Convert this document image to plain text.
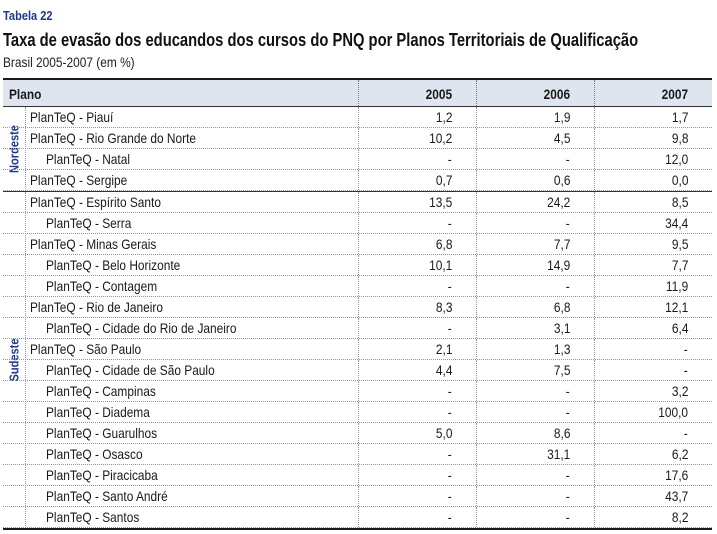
Tabela 22
Taxa de evasão dos educandos dos cursos do PNQ por Planos Territoriais de Qualificação
Brasil 2005-2007 (em %)
Plano	2005	2006	2007
Nordeste
PlanTeQ - Piauí	1,2	1,9	1,7
PlanTeQ - Rio Grande do Norte	10,2	4,5	9,8
PlanTeQ - Natal	-	-	12,0
PlanTeQ - Sergipe	0,7	0,6	0,0
Sudeste
PlanTeQ - Espírito Santo	13,5	24,2	8,5
PlanTeQ - Serra	-	-	34,4
PlanTeQ - Minas Gerais	6,8	7,7	9,5
PlanTeQ - Belo Horizonte	10,1	14,9	7,7
PlanTeQ - Contagem	-	-	11,9
PlanTeQ - Rio de Janeiro	8,3	6,8	12,1
PlanTeQ - Cidade do Rio de Janeiro	-	3,1	6,4
PlanTeQ - São Paulo	2,1	1,3	-
PlanTeQ - Cidade de São Paulo	4,4	7,5	-
PlanTeQ - Campinas	-	-	3,2
PlanTeQ - Diadema	-	-	100,0
PlanTeQ - Guarulhos	5,0	8,6	-
PlanTeQ - Osasco	-	31,1	6,2
PlanTeQ - Piracicaba	-	-	17,6
PlanTeQ - Santo André	-	-	43,7
PlanTeQ - Santos	-	-	8,2
